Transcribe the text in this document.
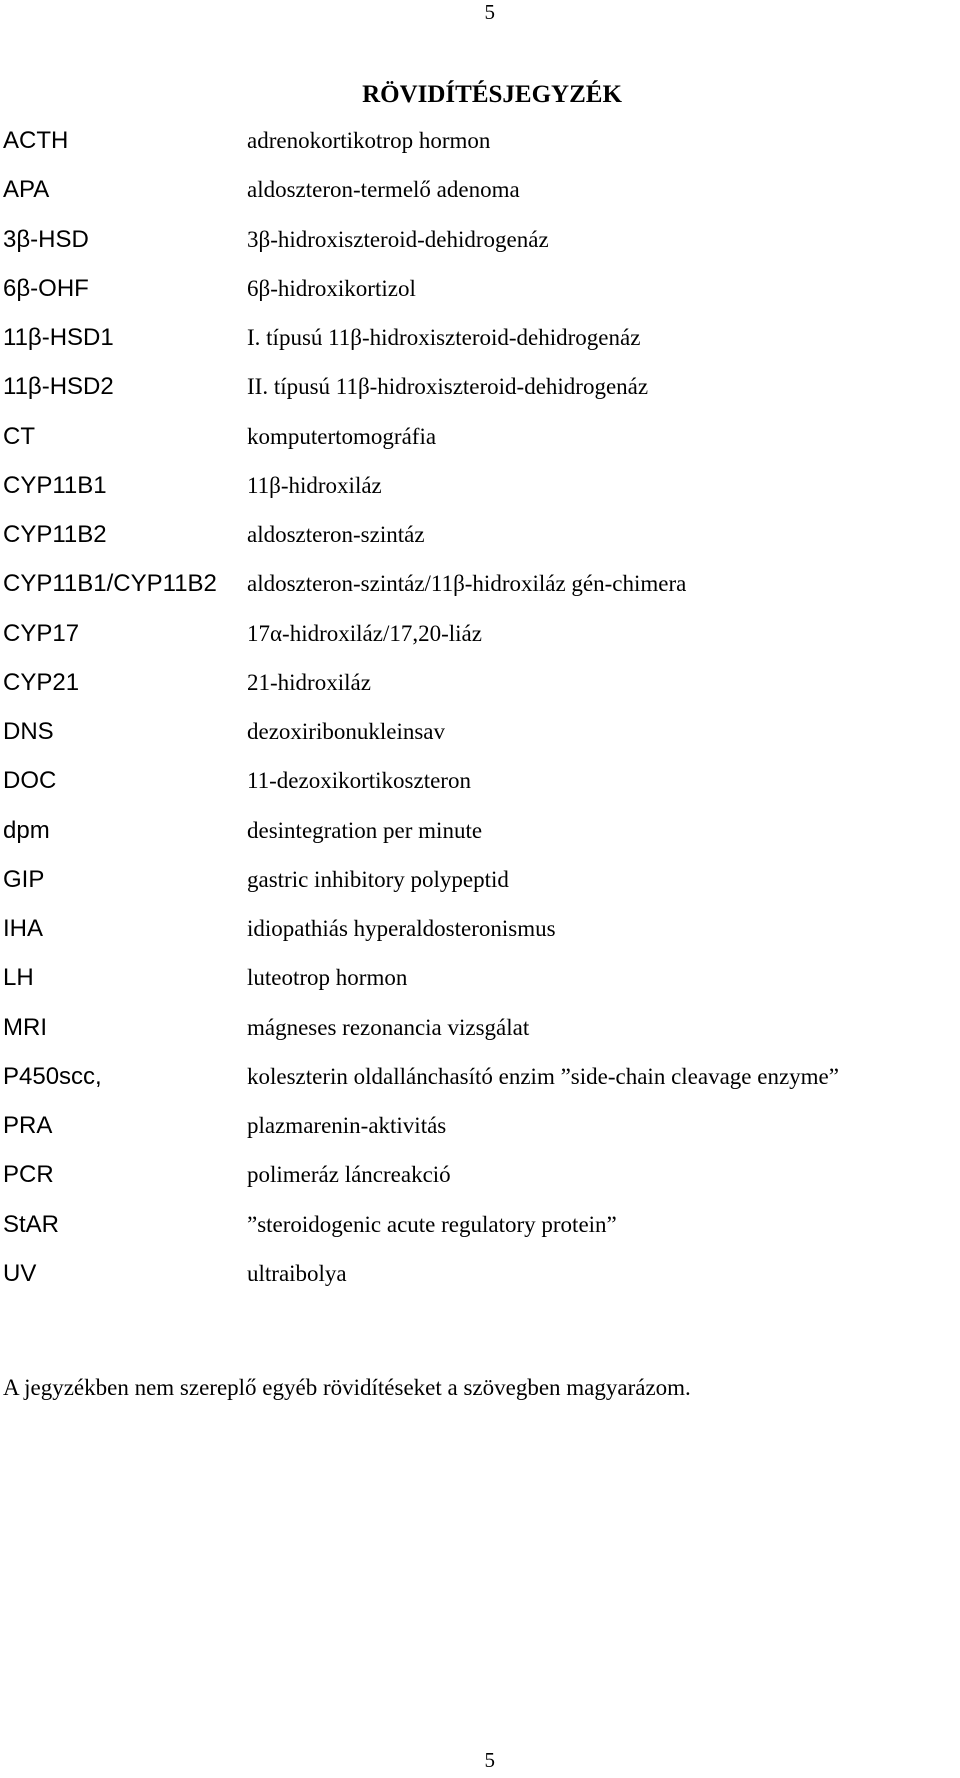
5
RÖVIDÍTÉSJEGYZÉK
ACTH	adrenokortikotrop hormon
APA	aldoszteron-termelő adenoma
3β-HSD	3β-hidroxiszteroid-dehidrogenáz
6β-OHF	6β-hidroxikortizol
11β-HSD1	I. típusú 11β-hidroxiszteroid-dehidrogenáz
11β-HSD2	II. típusú 11β-hidroxiszteroid-dehidrogenáz
CT	komputertomográfia
CYP11B1	11β-hidroxiláz
CYP11B2	aldoszteron-szintáz
CYP11B1/CYP11B2 aldoszteron-szintáz/11β-hidroxiláz gén-chimera
CYP17	17α-hidroxiláz/17,20-liáz
CYP21	21-hidroxiláz
DNS	dezoxiribonukleinsav
DOC	11-dezoxikortikoszteron
dpm	desintegration per minute
GIP	gastric inhibitory polypeptid
IHA	idiopathiás hyperaldosteronismus
LH	luteotrop hormon
MRI	mágneses rezonancia vizsgálat
P450scc,	koleszterin oldallánchasító enzim ”side-chain cleavage enzyme”
PRA	plazmarenin-aktivitás
PCR	polimeráz láncreakció
StAR	”steroidogenic acute regulatory protein”
UV	ultraibolya
A jegyzékben nem szereplő egyéb rövidítéseket a szövegben magyarázom.
5
